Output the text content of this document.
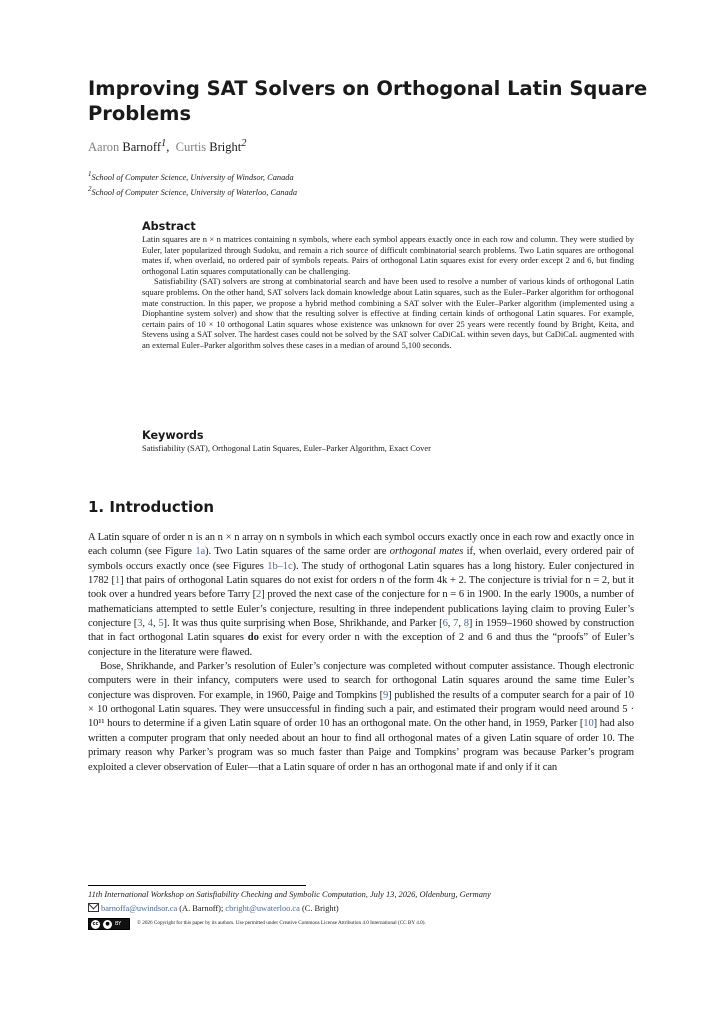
Improving SAT Solvers on Orthogonal Latin Square Problems
Aaron Barnoff$^1$,  Curtis Bright$^2$
$^1$School of Computer Science, University of Windsor, Canada
$^2$School of Computer Science, University of Waterloo, Canada
Abstract

Latin squares are n × n matrices containing n symbols, where each symbol appears exactly once in each row and column. They were studied by Euler, later popularized through Sudoku, and remain a rich source of difficult combinatorial search problems. Two Latin squares are orthogonal mates if, when overlaid, no ordered pair of symbols repeats. Pairs of orthogonal Latin squares exist for every order except 2 and 6, but finding orthogonal Latin squares computationally can be challenging.

Satisfiability (SAT) solvers are strong at combinatorial search and have been used to resolve a number of various kinds of orthogonal Latin square problems. On the other hand, SAT solvers lack domain knowledge about Latin squares, such as the Euler–Parker algorithm for orthogonal mate construction. In this paper, we propose a hybrid method combining a SAT solver with the Euler–Parker algorithm (implemented using a Diophantine system solver) and show that the resulting solver is effective at finding certain kinds of orthogonal Latin squares. For example, certain pairs of 10 × 10 orthogonal Latin squares whose existence was unknown for over 25 years were recently found by Bright, Keita, and Stevens using a SAT solver. The hardest cases could not be solved by the SAT solver CaDiCaL within seven days, but CaDiCaL augmented with an external Euler–Parker algorithm solves these cases in a median of around 5,100 seconds.

Keywords
Satisfiability (SAT), Orthogonal Latin Squares, Euler–Parker Algorithm, Exact Cover
1. Introduction

A Latin square of order n is an n × n array on n symbols in which each symbol occurs exactly once in each row and exactly once in each column (see Figure 1a). Two Latin squares of the same order are orthogonal mates if, when overlaid, every ordered pair of symbols occurs exactly once (see Figures 1b–1c). The study of orthogonal Latin squares has a long history. Euler conjectured in 1782 [1] that pairs of orthogonal Latin squares do not exist for orders n of the form 4k + 2. The conjecture is trivial for n = 2, but it took over a hundred years before Tarry [2] proved the next case of the conjecture for n = 6 in 1900. In the early 1900s, a number of mathematicians attempted to settle Euler’s conjecture, resulting in three independent publications laying claim to proving Euler’s conjecture [3, 4, 5]. It was thus quite surprising when Bose, Shrikhande, and Parker [6, 7, 8] in 1959–1960 showed by construction that in fact orthogonal Latin squares do exist for every order n with the exception of 2 and 6 and thus the “proofs” of Euler’s conjecture in the literature were flawed.

Bose, Shrikhande, and Parker’s resolution of Euler’s conjecture was completed without computer assistance. Though electronic computers were in their infancy, computers were used to search for orthogonal Latin squares around the same time Euler’s conjecture was disproven. For example, in 1960, Paige and Tompkins [9] published the results of a computer search for a pair of 10 × 10 orthogonal Latin squares. They were unsuccessful in finding such a pair, and estimated their program would need around 5 · 10¹¹ hours to determine if a given Latin square of order 10 has an orthogonal mate. On the other hand, in 1959, Parker [10] had also written a computer program that only needed about an hour to find all orthogonal mates of a given Latin square of order 10. The primary reason why Parker’s program was so much faster than Paige and Tompkins’ program was because Parker’s program exploited a clever observation of Euler—that a Latin square of order n has an orthogonal mate if and only if it can

11th International Workshop on Satisfiability Checking and Symbolic Computation, July 13, 2026, Oldenburg, Germany
barnoffa@uwindsor.ca (A. Barnoff); cbright@uwaterloo.ca (C. Bright)
cc	●	BY	© 2026 Copyright for this paper by its authors. Use permitted under Creative Commons License Attribution 4.0 International (CC BY 4.0).
